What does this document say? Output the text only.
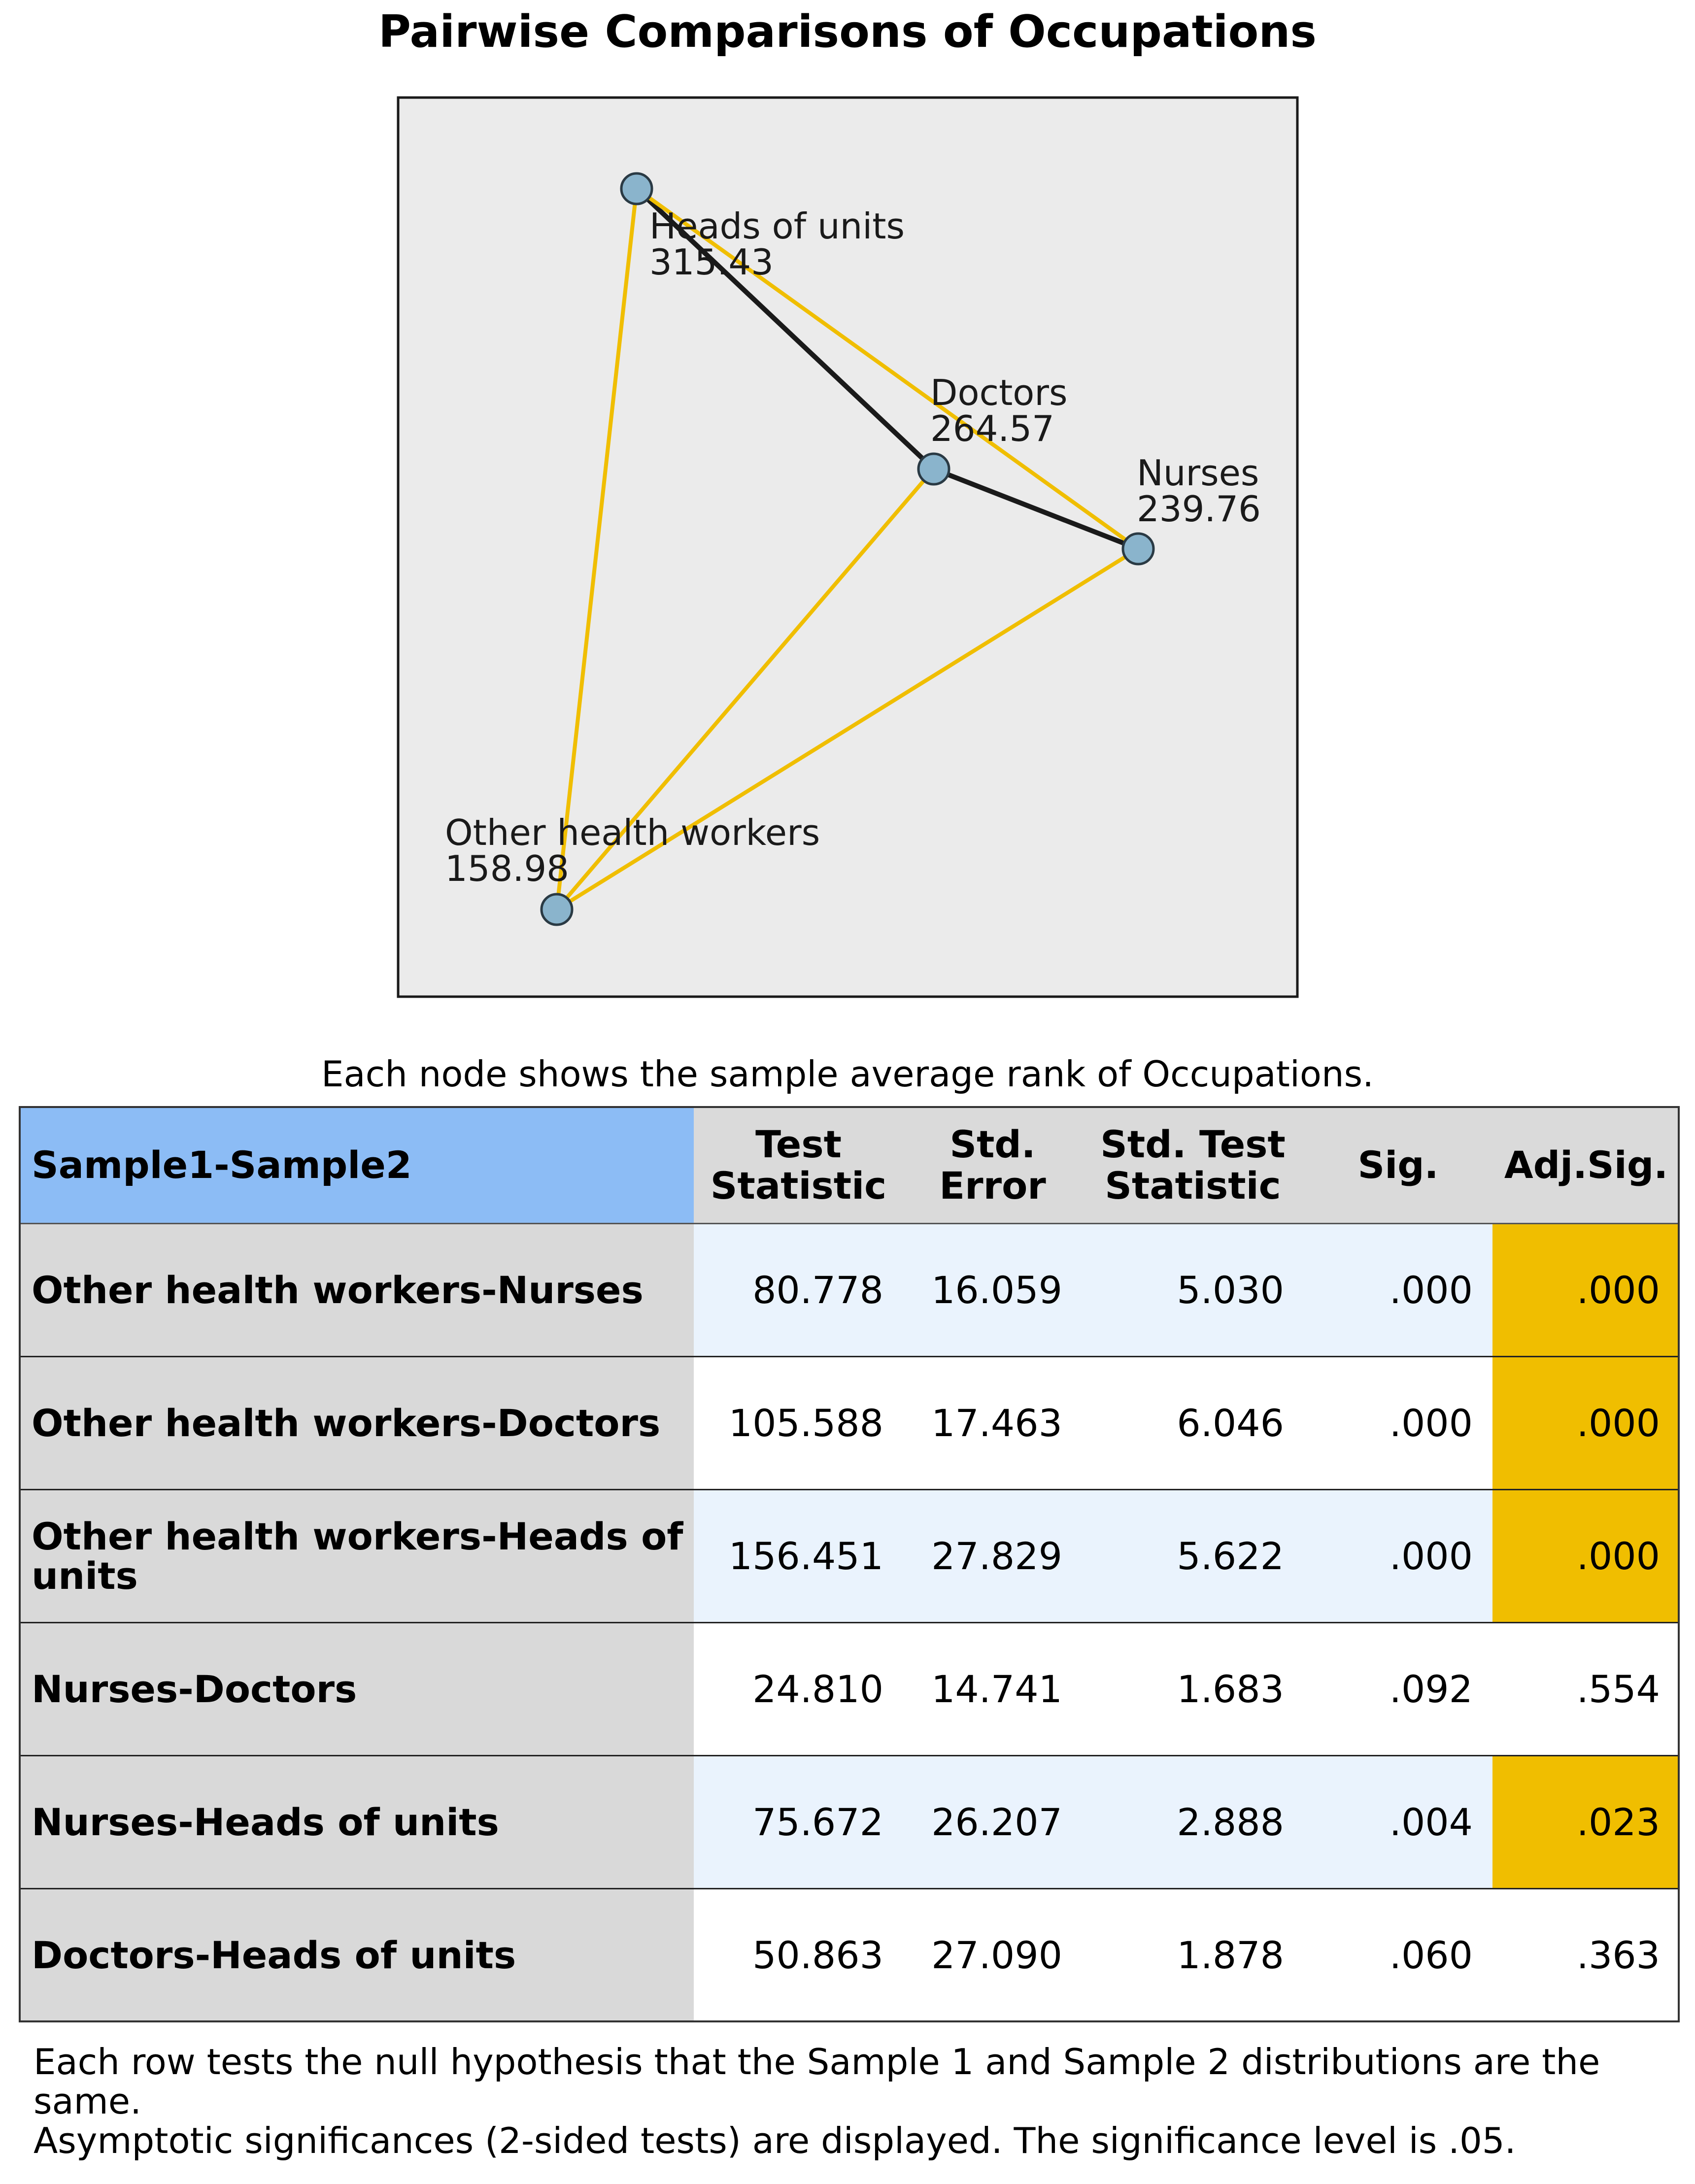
Pairwise Comparisons of Occupations
Heads of units
315.43
Doctors
264.57
Nurses
239.76
Other health workers
158.98
Each node shows the sample average rank of Occupations.
Sample1-Sample2	Test Statistic	Std. Error	Std. Test Statistic	Sig.	Adj.Sig.
Other health workers-Nurses	80.778	16.059	5.030	.000	.000
Other health workers-Doctors	105.588	17.463	6.046	.000	.000
Other health workers-Heads of units	156.451	27.829	5.622	.000	.000
Nurses-Doctors	24.810	14.741	1.683	.092	.554
Nurses-Heads of units	75.672	26.207	2.888	.004	.023
Doctors-Heads of units	50.863	27.090	1.878	.060	.363
Each row tests the null hypothesis that the Sample 1 and Sample 2 distributions are the same.
Asymptotic significances (2-sided tests) are displayed. The significance level is .05.
